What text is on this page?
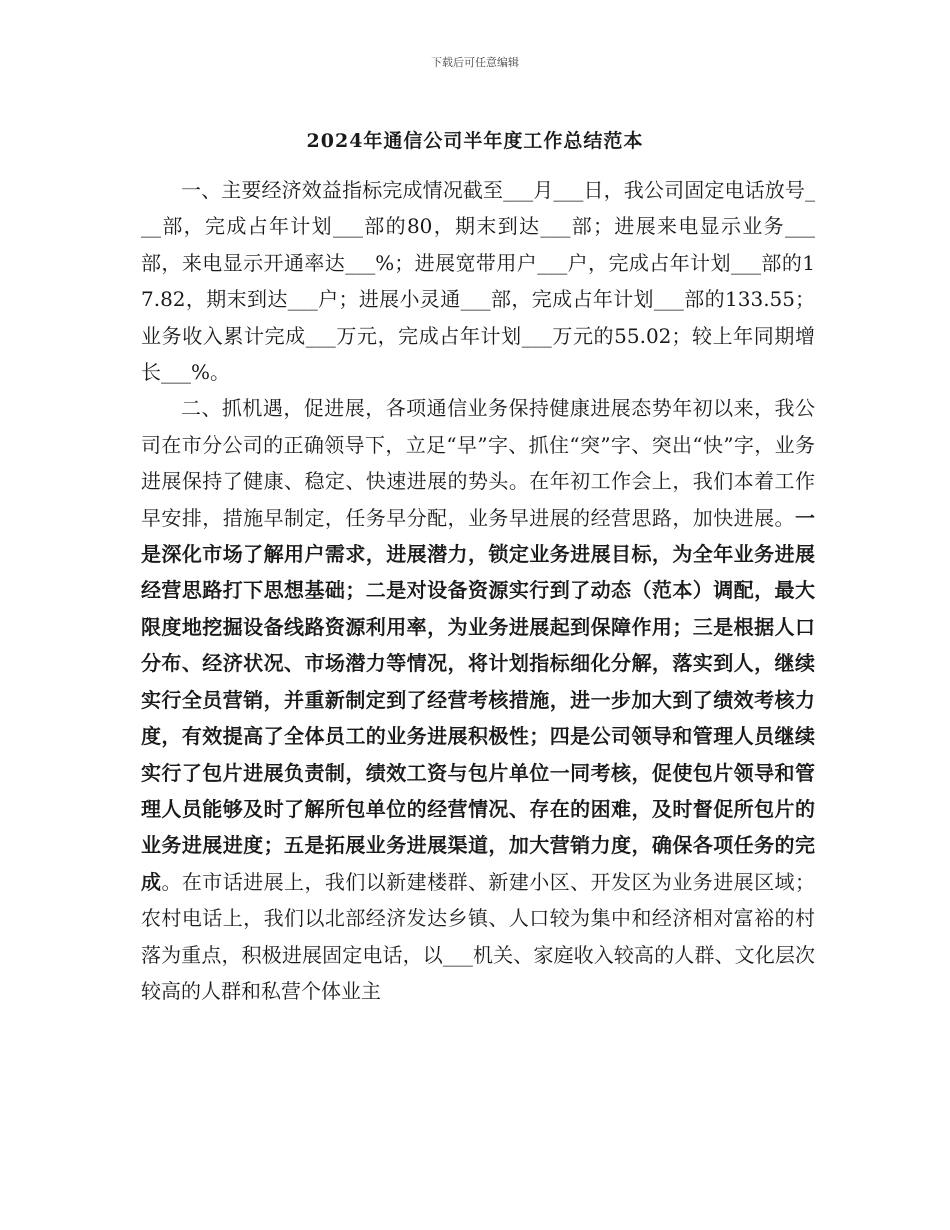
下载后可任意编辑
2024年通信公司半年度工作总结范本

一、主要经济效益指标完成情况截至___月___日，我公司固定电话放号___部，完成占年计划___部的80，期末到达___部；进展来电显示业务___部，来电显示开通率达___%；进展宽带用户___户，完成占年计划___部的17.82，期末到达___户；进展小灵通___部，完成占年计划___部的133.55；业务收入累计完成___万元，完成占年计划___万元的55.02；较上年同期增长___%。

二、抓机遇，促进展，各项通信业务保持健康进展态势年初以来，我公司在市分公司的正确领导下，立足“早”字、抓住“突”字、突出“快”字，业务进展保持了健康、稳定、快速进展的势头。在年初工作会上，我们本着工作早安排，措施早制定，任务早分配，业务早进展的经营思路，加快进展。一是深化市场了解用户需求，进展潜力，锁定业务进展目标，为全年业务进展经营思路打下思想基础；二是对设备资源实行到了动态（范本）调配，最大限度地挖掘设备线路资源利用率，为业务进展起到保障作用；三是根据人口分布、经济状况、市场潜力等情况，将计划指标细化分解，落实到人，继续实行全员营销，并重新制定到了经营考核措施，进一步加大到了绩效考核力度，有效提高了全体员工的业务进展积极性；四是公司领导和管理人员继续实行了包片进展负责制，绩效工资与包片单位一同考核，促使包片领导和管理人员能够及时了解所包单位的经营情况、存在的困难，及时督促所包片的业务进展进度；五是拓展业务进展渠道，加大营销力度，确保各项任务的完成。在市话进展上，我们以新建楼群、新建小区、开发区为业务进展区域；农村电话上，我们以北部经济发达乡镇、人口较为集中和经济相对富裕的村落为重点，积极进展固定电话，以___机关、家庭收入较高的人群、文化层次较高的人群和私营个体业主
